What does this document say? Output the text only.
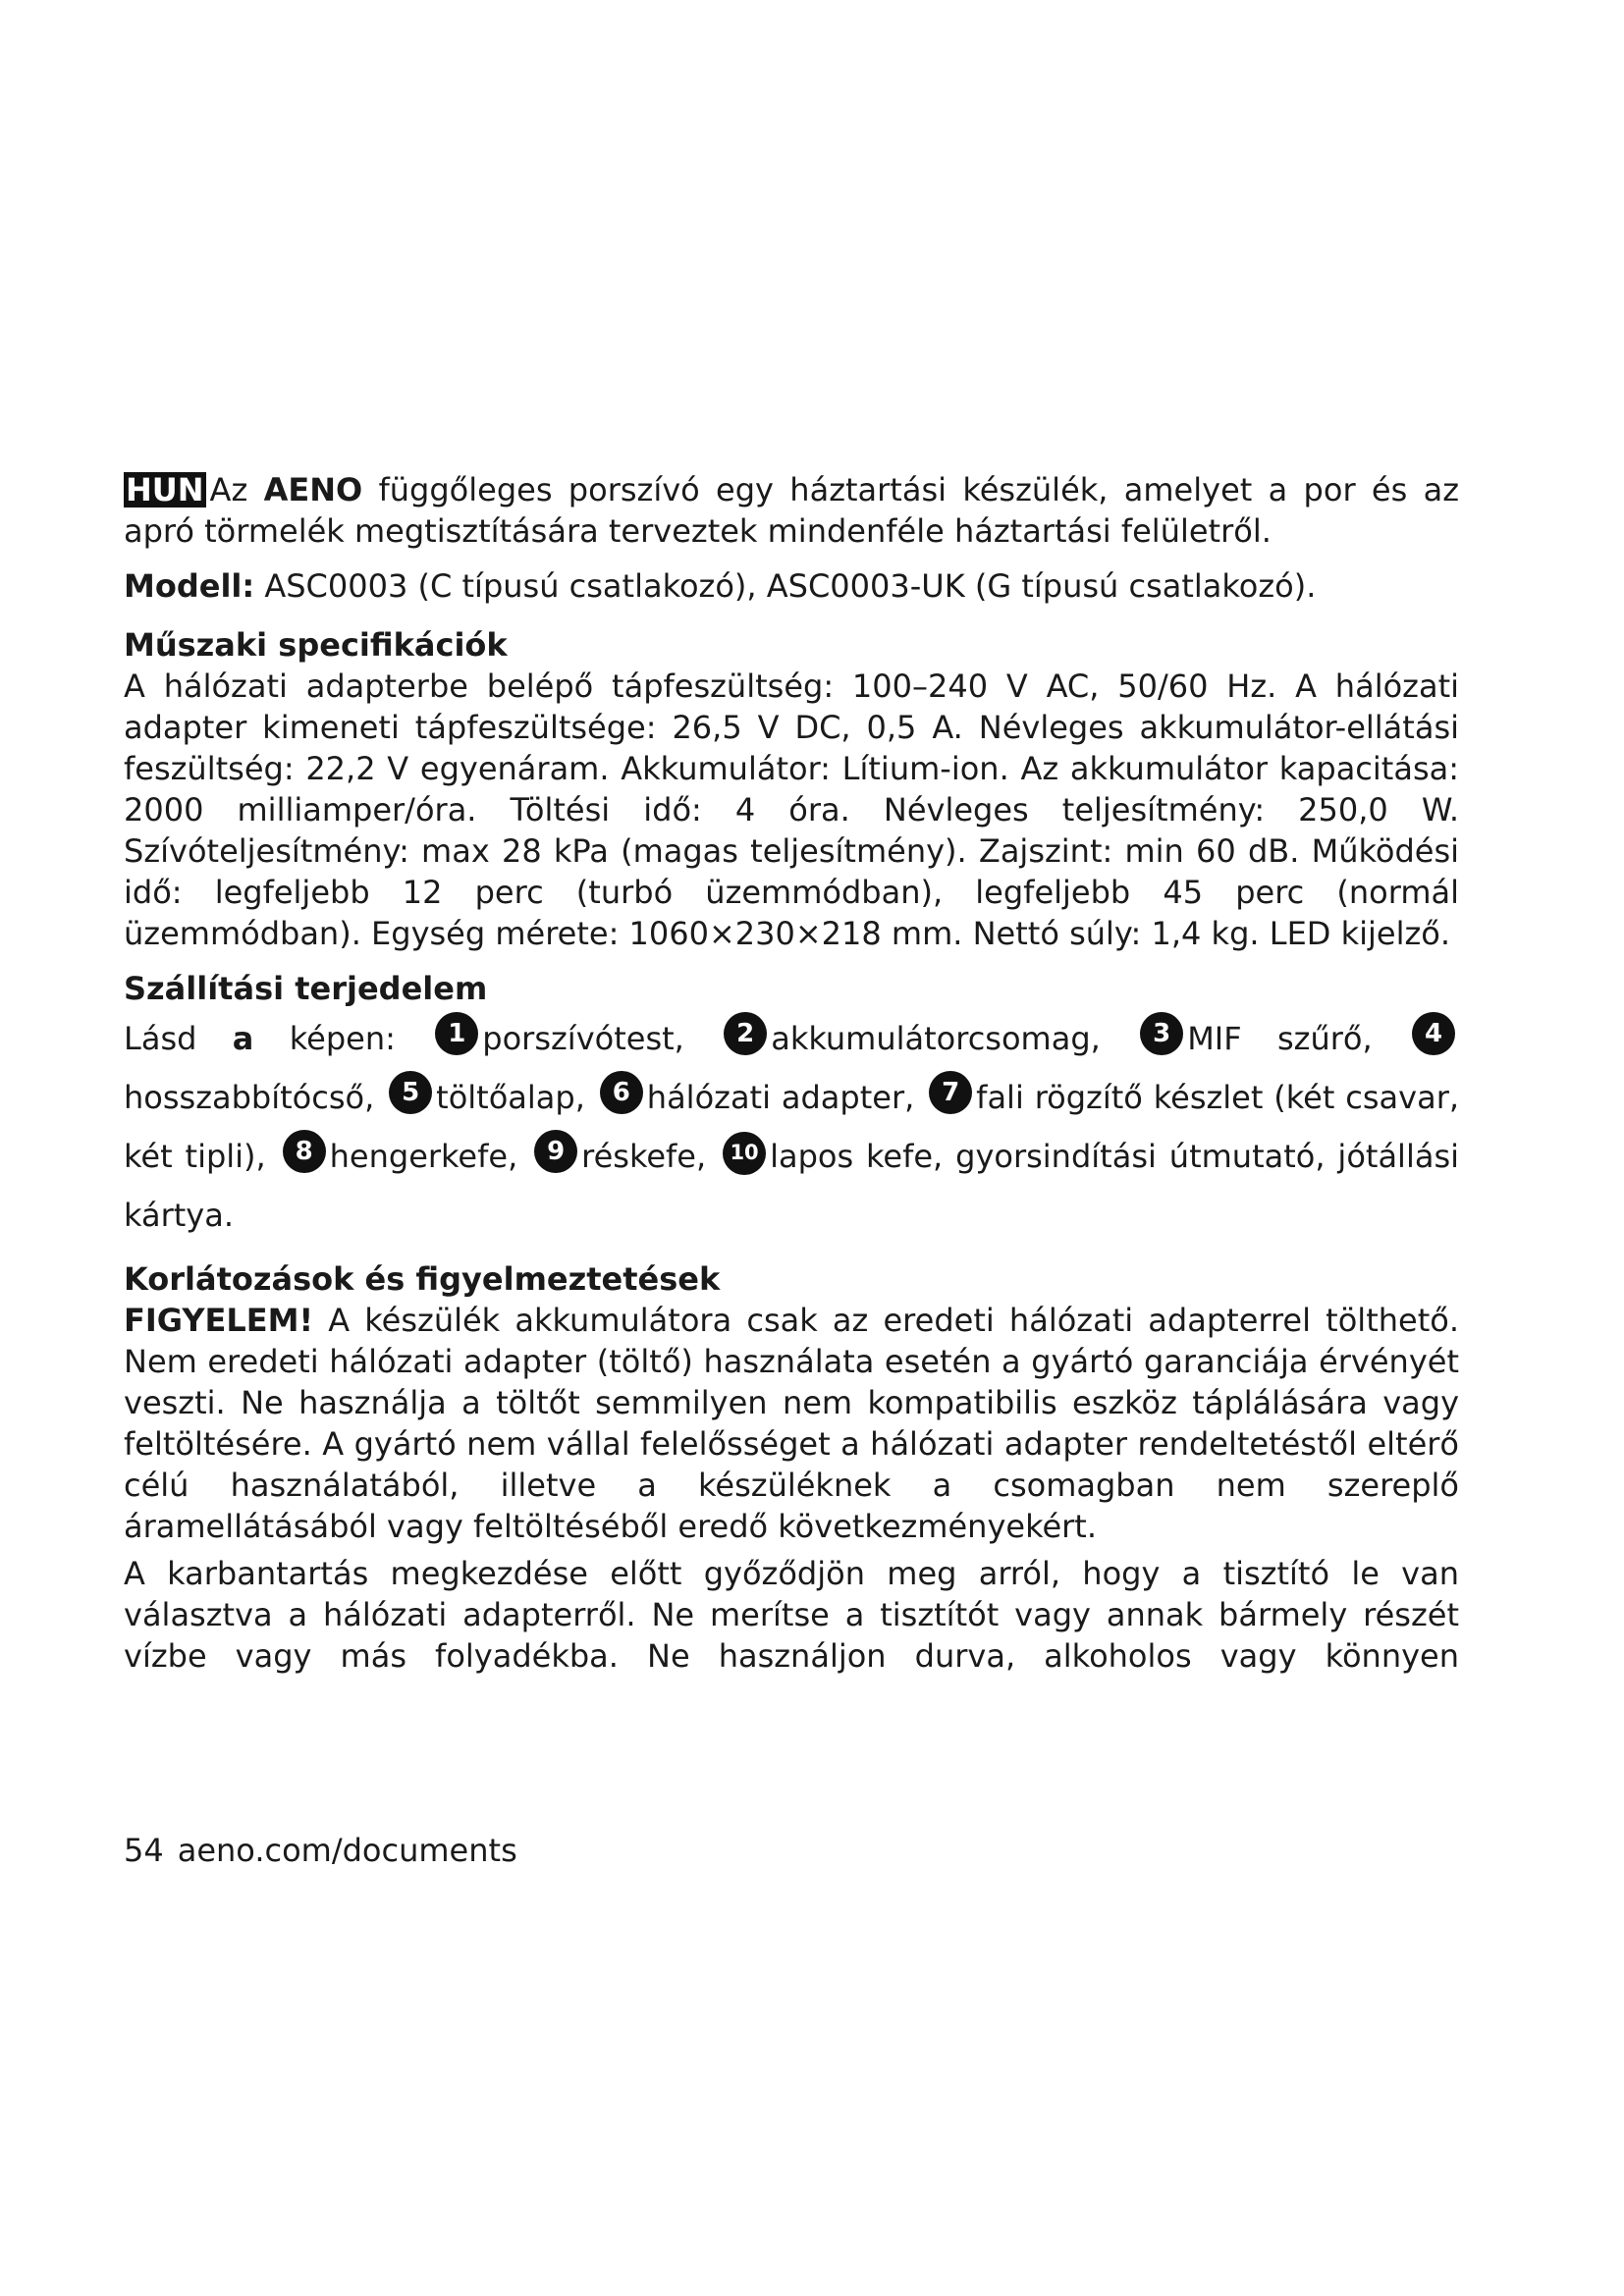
HUN Az AENO függőleges porszívó egy háztartási készülék, amelyet a por és az apró törmelék megtisztítására terveztek mindenféle háztartási felületről.

Modell: ASC0003 (C típusú csatlakozó), ASC0003-UK (G típusú csatlakozó).

Műszaki specifikációk

A hálózati adapterbe belépő tápfeszültség: 100–240 V AC, 50/60 Hz. A hálózati adapter kimeneti tápfeszültsége: 26,5 V DC, 0,5 A. Névleges akkumulátor-ellátási feszültség: 22,2 V egyenáram. Akkumulátor: Lítium-ion. Az akkumulátor kapacitása: 2000 milliamper/óra. Töltési idő: 4 óra. Névleges teljesítmény: 250,0 W. Szívóteljesítmény: max 28 kPa (magas teljesítmény). Zajszint: min 60 dB. Működési idő: legfeljebb 12 perc (turbó üzemmódban), legfeljebb 45 perc (normál üzemmódban). Egység mérete: 1060×230×218 mm. Nettó súly: 1,4 kg. LED kijelző.

Szállítási terjedelem

Lásd a képen: 1 porszívótest, 2 akkumulátorcsomag, 3 MIF szűrő, 4
hosszabbítócső, 5 töltőalap, 6 hálózati adapter, 7 fali rögzítő készlet (két csavar, két tipli), 8 hengerkefe, 9 réskefe, 10 lapos kefe, gyorsindítási útmutató, jótállási kártya.

Korlátozások és figyelmeztetések

FIGYELEM! A készülék akkumulátora csak az eredeti hálózati adapterrel tölthető. Nem eredeti hálózati adapter (töltő) használata esetén a gyártó garanciája érvényét veszti. Ne használja a töltőt semmilyen nem kompatibilis eszköz táplálására vagy feltöltésére. A gyártó nem vállal felelősséget a hálózati adapter rendeltetéstől eltérő célú használatából, illetve a készüléknek a csomagban nem szereplő áramellátásából vagy feltöltéséből eredő következményekért.

A karbantartás megkezdése előtt győződjön meg arról, hogy a tisztító le van választva a hálózati adapterről. Ne merítse a tisztítót vagy annak bármely részét vízbe vagy más folyadékba. Ne használjon durva, alkoholos vagy könnyen

54 aeno.com/documents
